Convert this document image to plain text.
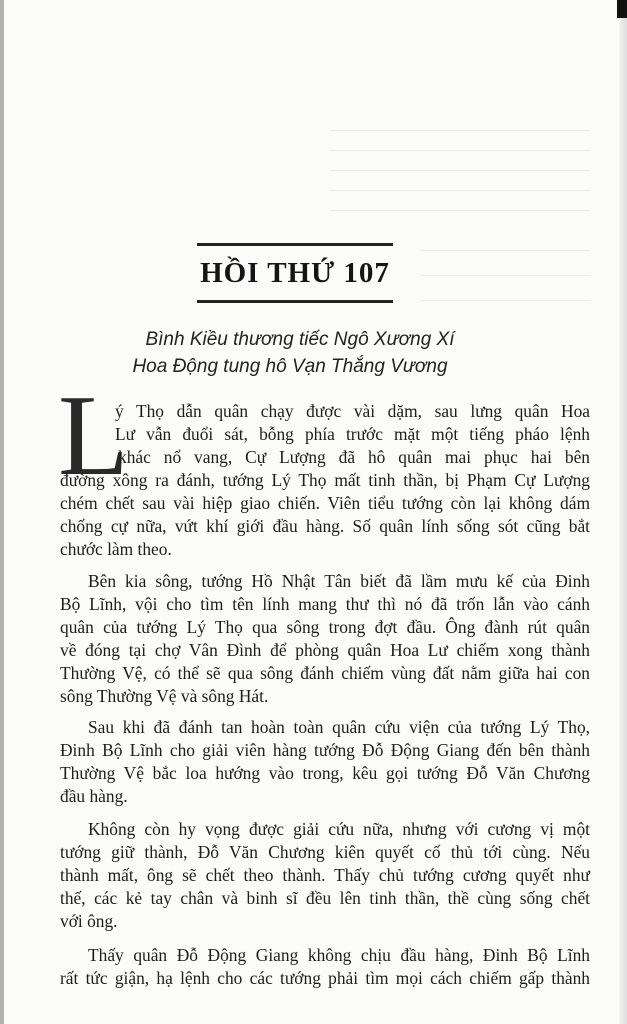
HỒI THỨ 107
Bình Kiều thương tiếc Ngô Xương Xí
Hoa Động tung hô Vạn Thắng Vương
L
ý Thọ dẫn quân chạy được vài dặm, sau lưng quân Hoa
Lư vẫn đuổi sát, bỗng phía trước mặt một tiếng pháo lệnh
khác nổ vang, Cự Lượng đã hô quân mai phục hai bên
đường xông ra đánh, tướng Lý Thọ mất tinh thần, bị Phạm Cự Lượng
chém chết sau vài hiệp giao chiến. Viên tiểu tướng còn lại không dám
chống cự nữa, vứt khí giới đầu hàng. Số quân lính sống sót cũng bắt
chước làm theo.
Bên kia sông, tướng Hồ Nhật Tân biết đã lầm mưu kế của Đinh
Bộ Lĩnh, vội cho tìm tên lính mang thư thì nó đã trốn lẫn vào cánh
quân của tướng Lý Thọ qua sông trong đợt đầu. Ông đành rút quân
về đóng tại chợ Vân Đình để phòng quân Hoa Lư chiếm xong thành
Thường Vệ, có thể sẽ qua sông đánh chiếm vùng đất nằm giữa hai con
sông Thường Vệ và sông Hát.
Sau khi đã đánh tan hoàn toàn quân cứu viện của tướng Lý Thọ,
Đinh Bộ Lĩnh cho giải viên hàng tướng Đỗ Động Giang đến bên thành
Thường Vệ bắc loa hướng vào trong, kêu gọi tướng Đỗ Văn Chương
đầu hàng.
Không còn hy vọng được giải cứu nữa, nhưng với cương vị một
tướng giữ thành, Đỗ Văn Chương kiên quyết cố thủ tới cùng. Nếu
thành mất, ông sẽ chết theo thành. Thấy chủ tướng cương quyết như
thế, các kẻ tay chân và binh sĩ đều lên tinh thần, thề cùng sống chết
với ông.
Thấy quân Đỗ Động Giang không chịu đầu hàng, Đinh Bộ Lĩnh
rất tức giận, hạ lệnh cho các tướng phải tìm mọi cách chiếm gấp thành
